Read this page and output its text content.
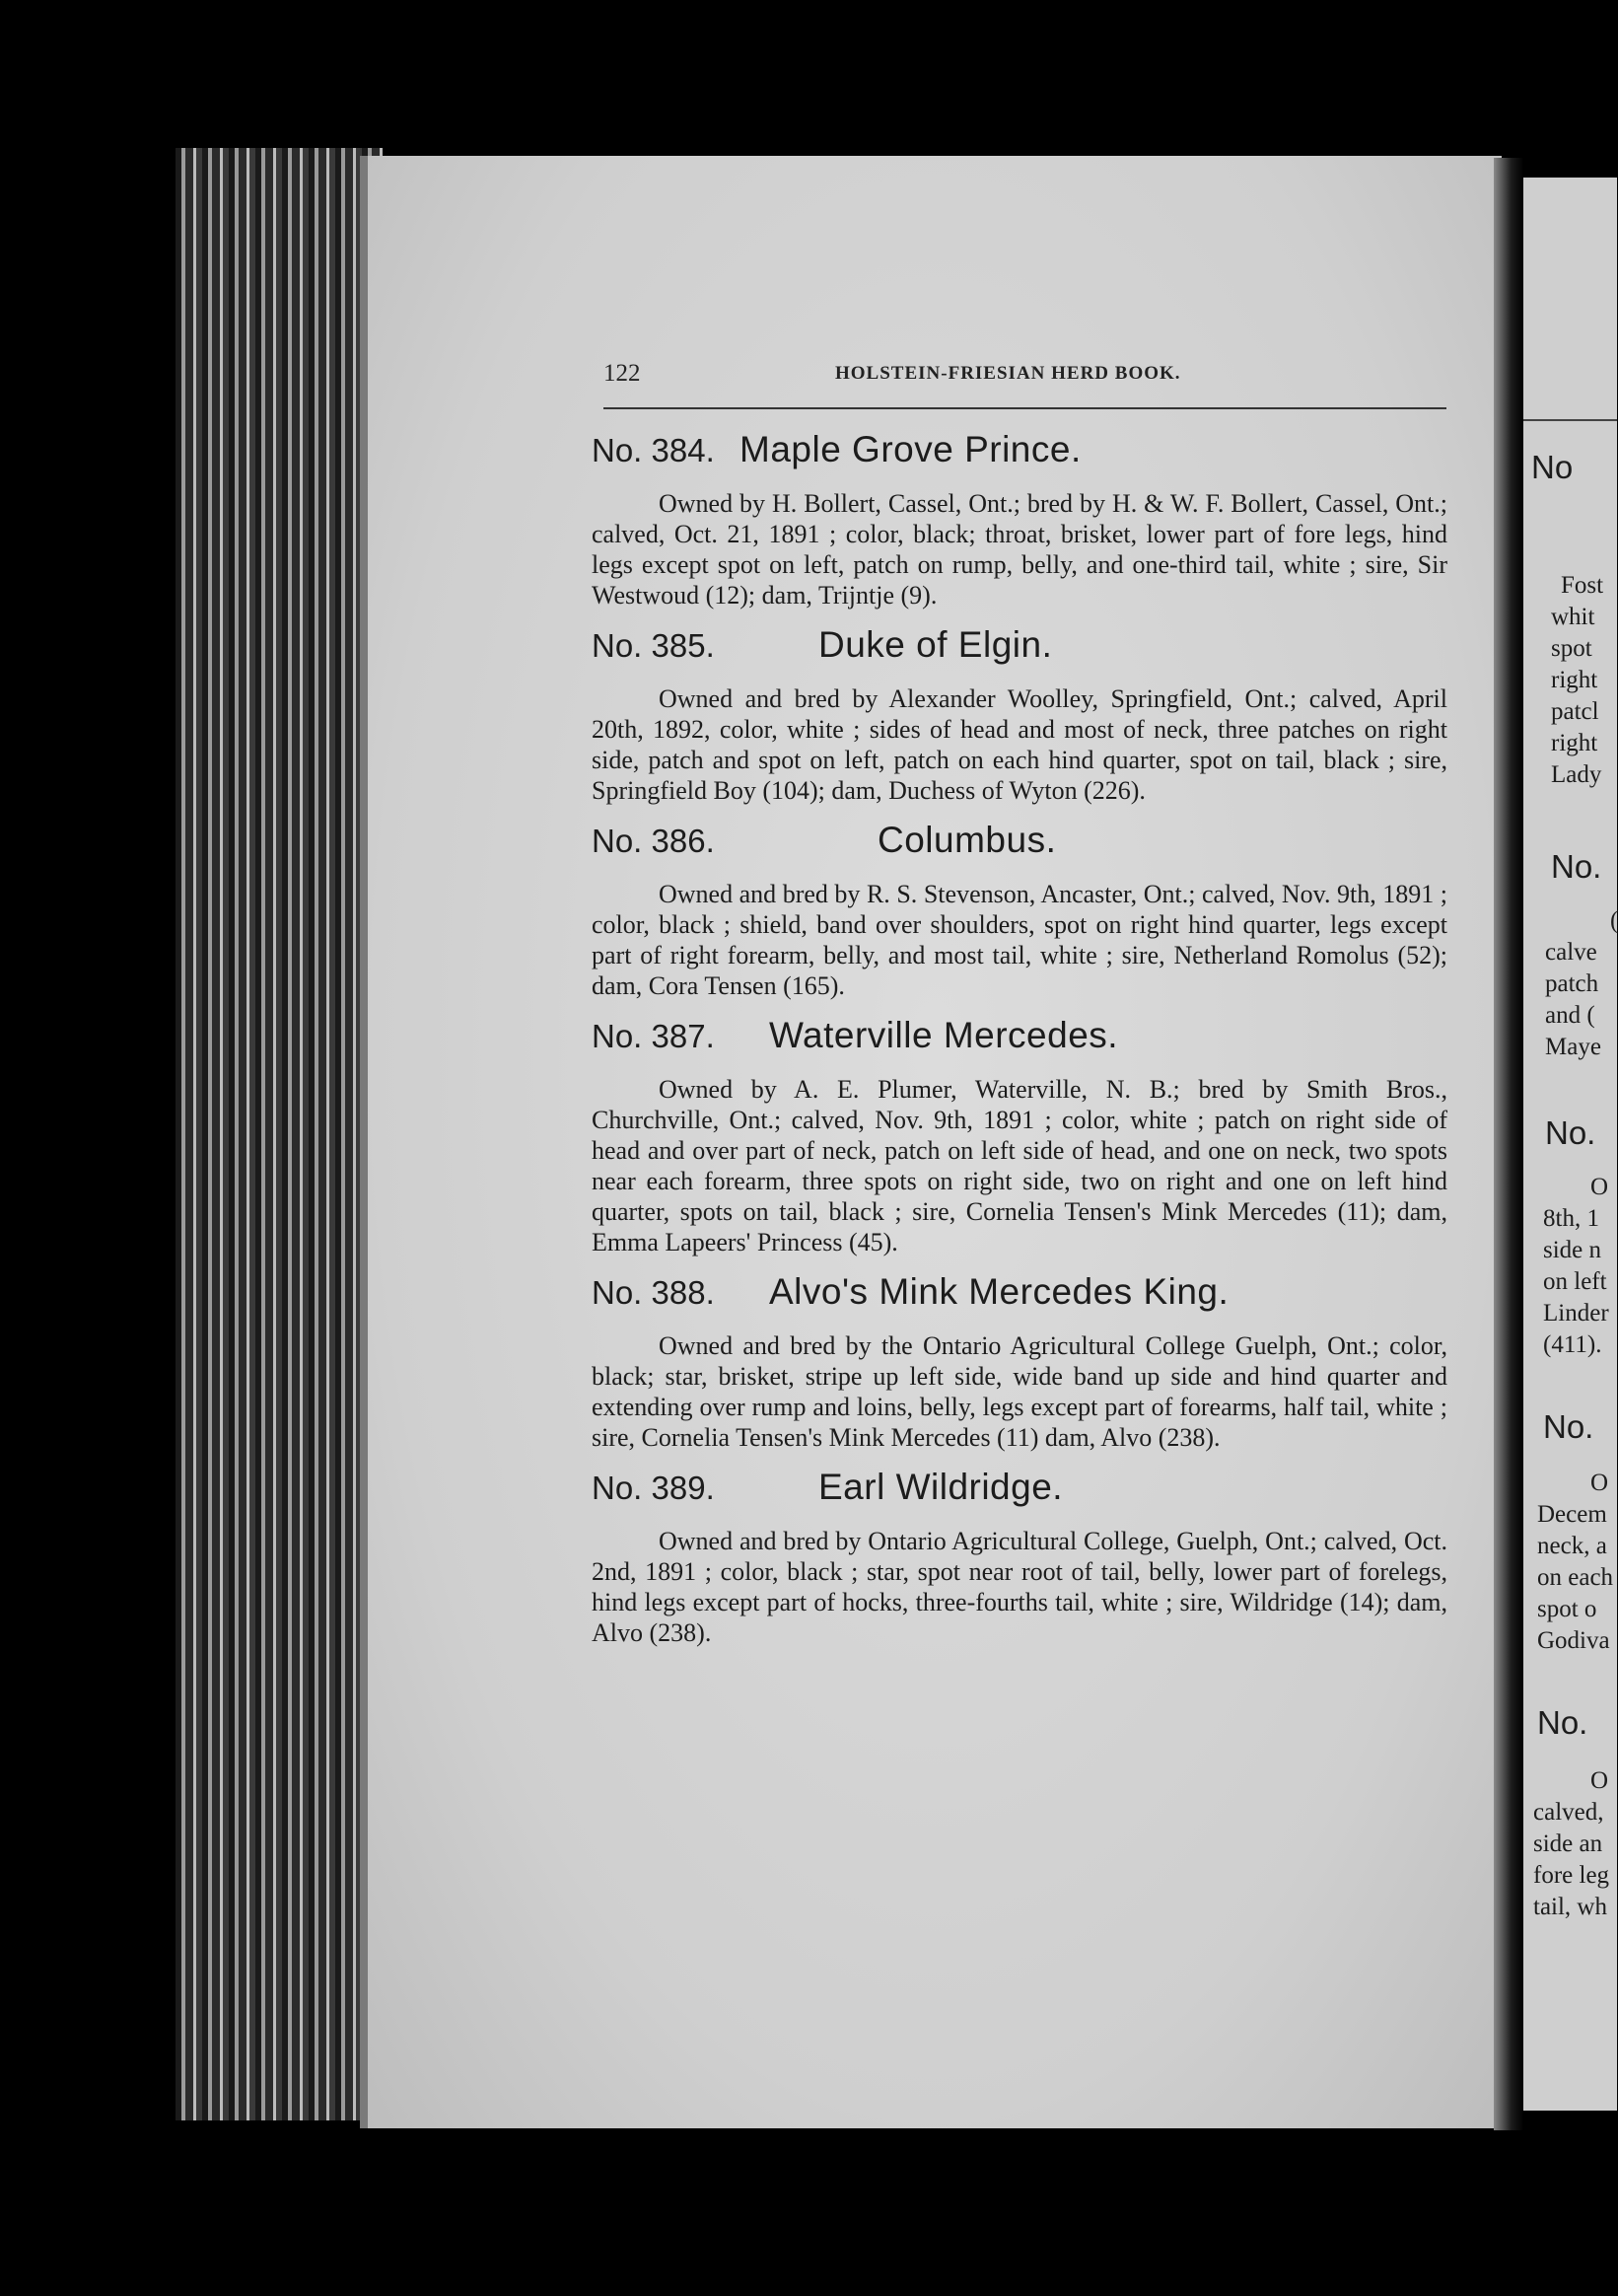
No
Fost
whit
spot
right
patcl
right
Lady
No.
(
calve
patch
and (
Maye
No.
O
8th, 1
side n
on left
Linder
(411).
No.
O
Decem
neck, a
on each
spot o
Godiva
No.
O
calved,
side an
fore leg
tail, wh
122	HOLSTEIN-FRIESIAN HERD BOOK.
No. 384. Maple Grove Prince.

Owned by H. Bollert, Cassel, Ont.; bred by H. & W. F. Bollert, Cassel, Ont.; calved, Oct. 21, 1891 ; color, black; throat, brisket, lower part of fore legs, hind legs except spot on left, patch on rump, belly, and one-third tail, white ; sire, Sir Westwoud (12); dam, Trijntje (9).

No. 385.	Duke of Elgin.

Owned and bred by Alexander Woolley, Springfield, Ont.; calved, April 20th, 1892, color, white ; sides of head and most of neck, three patches on right side, patch and spot on left, patch on each hind quarter, spot on tail, black ; sire, Springfield Boy (104); dam, Duchess of Wyton (226).

No. 386.	Columbus.

Owned and bred by R. S. Stevenson, Ancaster, Ont.; calved, Nov. 9th, 1891 ; color, black ; shield, band over shoulders, spot on right hind quarter, legs except part of right forearm, belly, and most tail, white ; sire, Netherland Romolus (52); dam, Cora Tensen (165).

No. 387.	Waterville Mercedes.

Owned by A. E. Plumer, Waterville, N. B.; bred by Smith Bros., Churchville, Ont.; calved, Nov. 9th, 1891 ; color, white ; patch on right side of head and over part of neck, patch on left side of head, and one on neck, two spots near each forearm, three spots on right side, two on right and one on left hind quarter, spots on tail, black ; sire, Cornelia Tensen's Mink Mercedes (11); dam, Emma Lapeers' Princess (45).

No. 388.	Alvo's Mink Mercedes King.

Owned and bred by the Ontario Agricultural College Guelph, Ont.; color, black; star, brisket, stripe up left side, wide band up side and hind quarter and extending over rump and loins, belly, legs except part of forearms, half tail, white ; sire, Cornelia Tensen's Mink Mercedes (11) dam, Alvo (238).

No. 389.	Earl Wildridge.

Owned and bred by Ontario Agricultural College, Guelph, Ont.; calved, Oct. 2nd, 1891 ; color, black ; star, spot near root of tail, belly, lower part of forelegs, hind legs except part of hocks, three-fourths tail, white ; sire, Wildridge (14); dam, Alvo (238).
